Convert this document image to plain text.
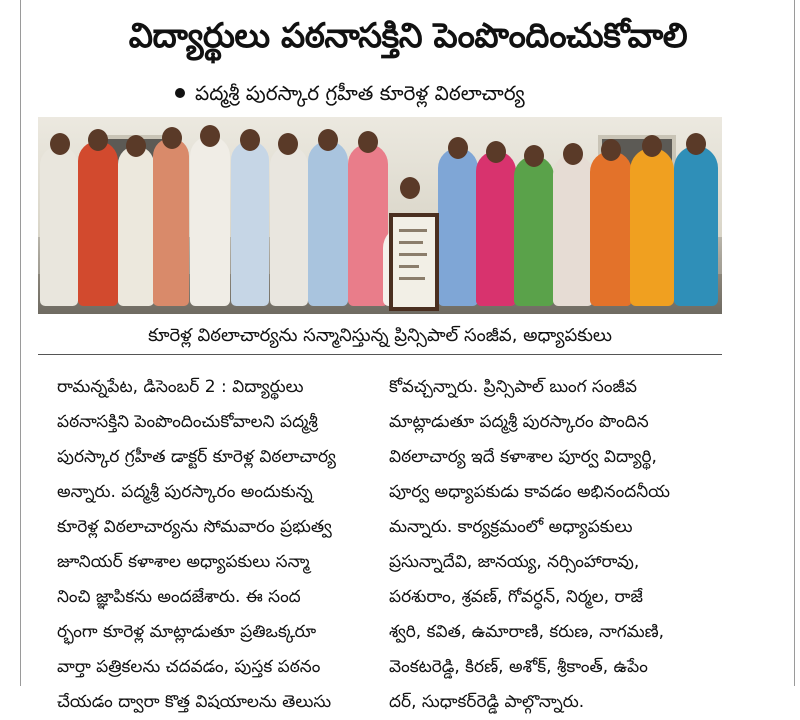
విద్యార్థులు పఠనాసక్తిని పెంపొందించుకోవాలి
పద్మశ్రీ పురస్కార గ్రహీత కూరెళ్ల విఠలాచార్య
కూరెళ్ల విఠలాచార్యను సన్మానిస్తున్న ప్రిన్సిపాల్ సంజీవ, అధ్యాపకులు
రామన్నపేట, డిసెంబర్ 2 : విద్యార్థులు
పఠనాసక్తిని పెంపొందించుకోవాలని పద్మశ్రీ
పురస్కార గ్రహీత డాక్టర్ కూరెళ్ల విఠలాచార్య
అన్నారు. పద్మశ్రీ పురస్కారం అందుకున్న
కూరెళ్ల విఠలాచార్యను సోమవారం ప్రభుత్వ
జూనియర్ కళాశాల అధ్యాపకులు సన్మా
నించి జ్ఞాపికను అందజేశారు. ఈ సంద
ర్భంగా కూరెళ్ల మాట్లాడుతూ ప్రతిఒక్కరూ
వార్తా పత్రికలను చదవడం, పుస్తక పఠనం
చేయడం ద్వారా కొత్త విషయాలను తెలుసు
కోవచ్చన్నారు. ప్రిన్సిపాల్ బుంగ సంజీవ
మాట్లాడుతూ పద్మశ్రీ పురస్కారం పొందిన
విఠలాచార్య ఇదే కళాశాల పూర్వ విద్యార్థి,
పూర్వ అధ్యాపకుడు కావడం అభినందనీయ
మన్నారు. కార్యక్రమంలో అధ్యాపకులు
ప్రసున్నాదేవి, జానయ్య, నర్సింహారావు,
పరశురాం, శ్రవణ్, గోవర్ధన్, నిర్మల, రాజే
శ్వరి, కవిత, ఉమారాణి, కరుణ, నాగమణి,
వెంకటరెడ్డి, కిరణ్, అశోక్, శ్రీకాంత్, ఉపేం
దర్, సుధాకర్‌రెడ్డి పాల్గొన్నారు.
